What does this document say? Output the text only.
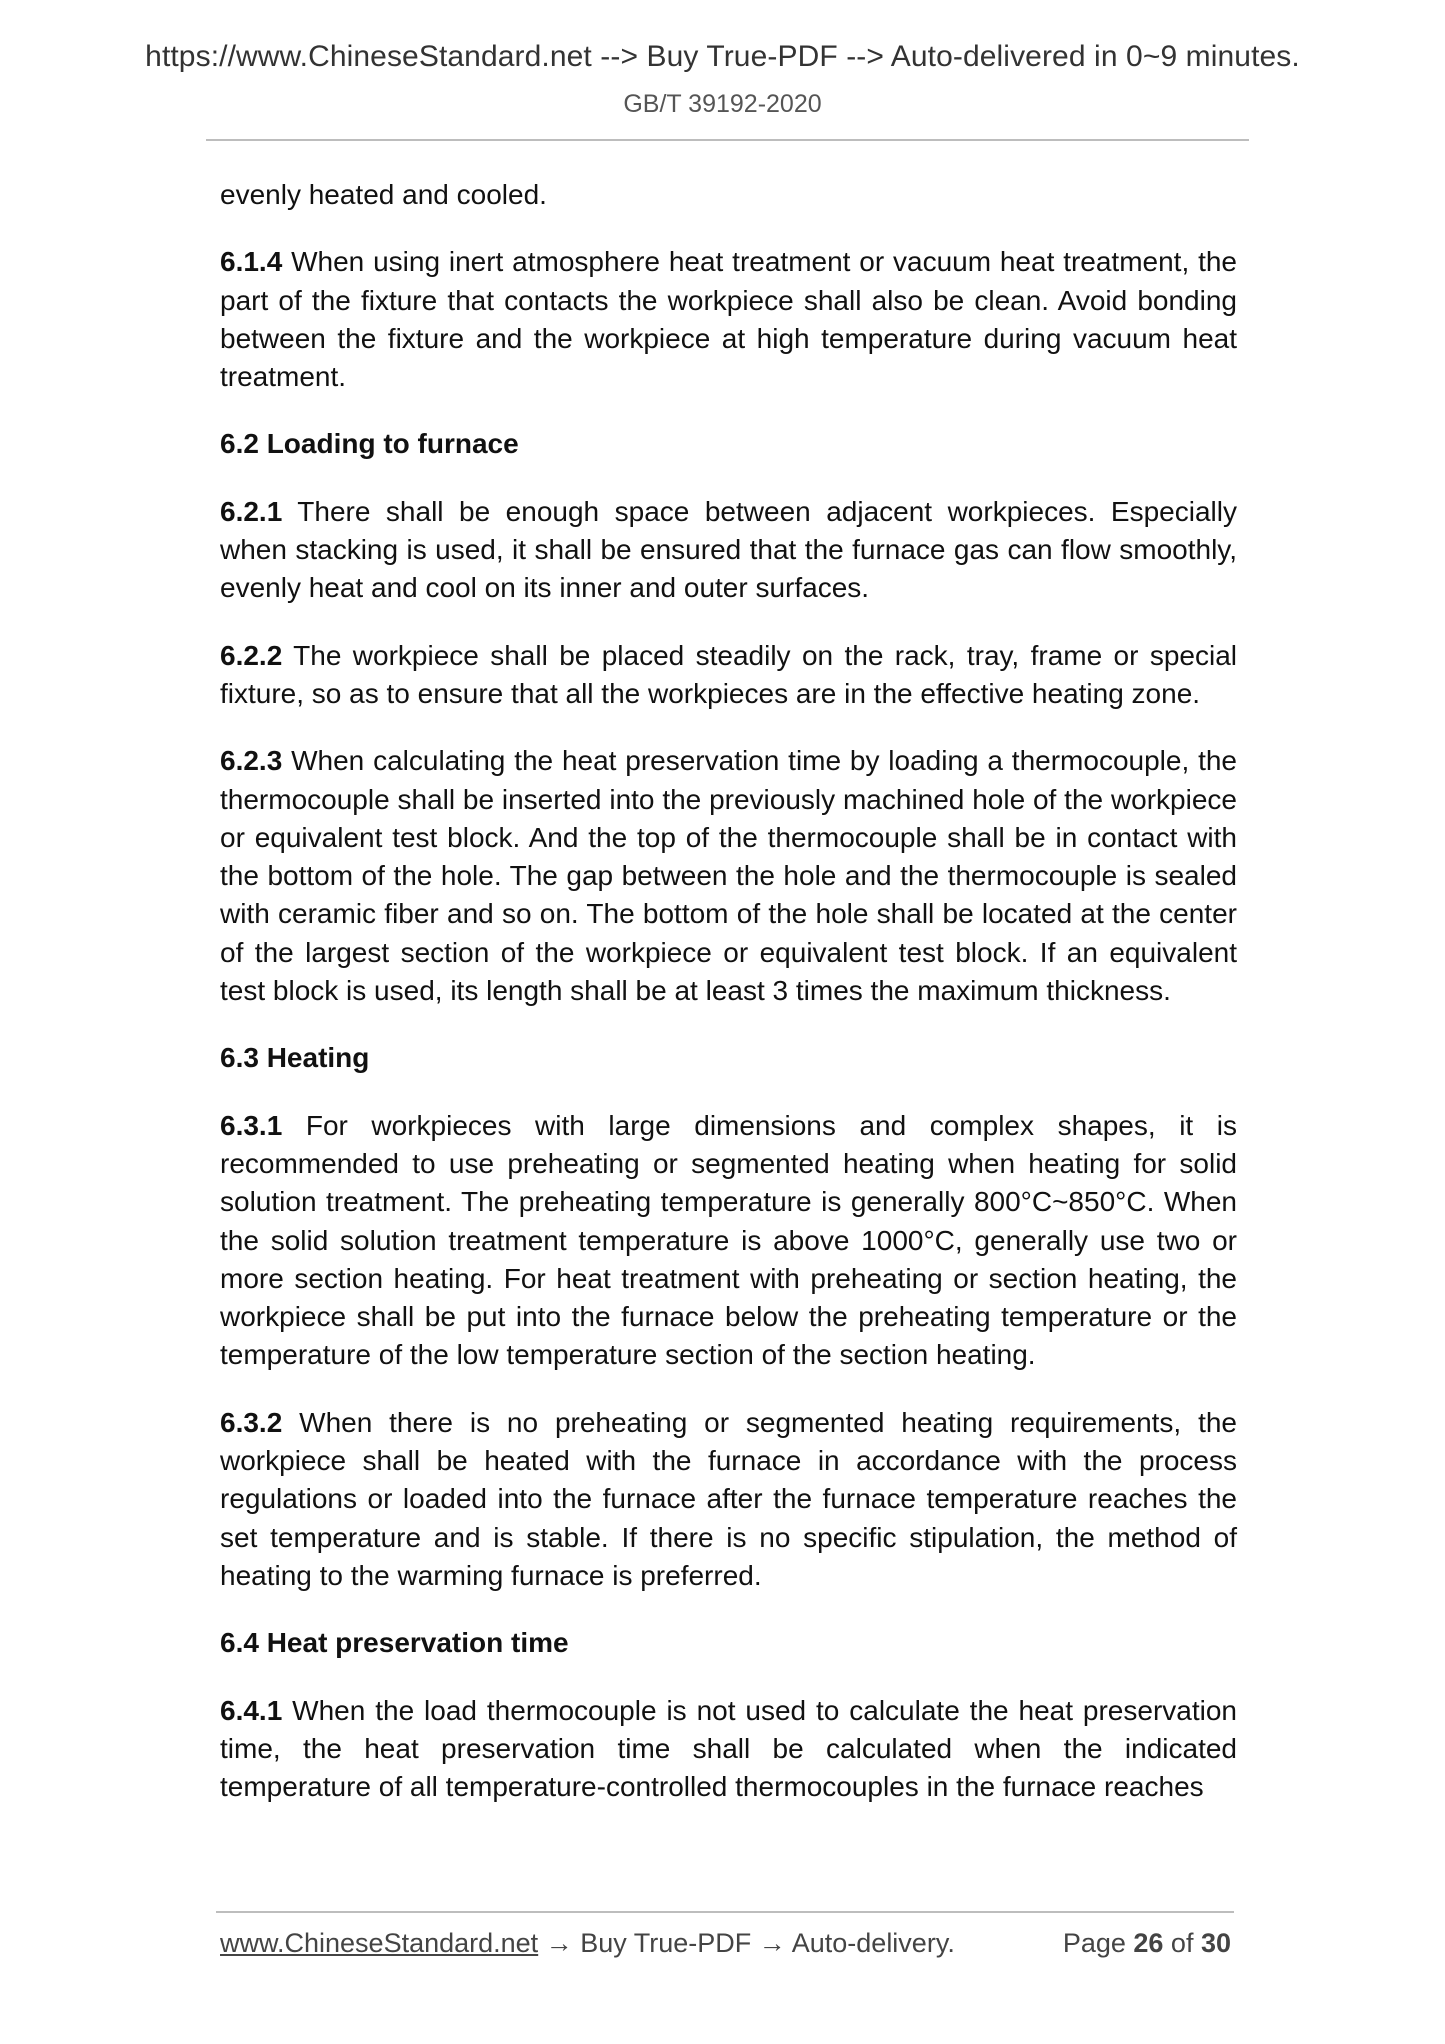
https://www.ChineseStandard.net --> Buy True-PDF --> Auto-delivered in 0~9 minutes.
GB/T 39192-2020

evenly heated and cooled.

6.1.4 When using inert atmosphere heat treatment or vacuum heat treatment, the part of the fixture that contacts the workpiece shall also be clean. Avoid bonding between the fixture and the workpiece at high temperature during vacuum heat treatment.

6.2 Loading to furnace

6.2.1 There shall be enough space between adjacent workpieces. Especially when stacking is used, it shall be ensured that the furnace gas can flow smoothly, evenly heat and cool on its inner and outer surfaces.

6.2.2 The workpiece shall be placed steadily on the rack, tray, frame or special fixture, so as to ensure that all the workpieces are in the effective heating zone.

6.2.3 When calculating the heat preservation time by loading a thermocouple, the thermocouple shall be inserted into the previously machined hole of the workpiece or equivalent test block. And the top of the thermocouple shall be in contact with the bottom of the hole. The gap between the hole and the thermocouple is sealed with ceramic fiber and so on. The bottom of the hole shall be located at the center of the largest section of the workpiece or equivalent test block. If an equivalent test block is used, its length shall be at least 3 times the maximum thickness.

6.3 Heating

6.3.1 For workpieces with large dimensions and complex shapes, it is recommended to use preheating or segmented heating when heating for solid solution treatment. The preheating temperature is generally 800°C~850°C. When the solid solution treatment temperature is above 1000°C, generally use two or more section heating. For heat treatment with preheating or section heating, the workpiece shall be put into the furnace below the preheating temperature or the temperature of the low temperature section of the section heating.

6.3.2 When there is no preheating or segmented heating requirements, the workpiece shall be heated with the furnace in accordance with the process regulations or loaded into the furnace after the furnace temperature reaches the set temperature and is stable. If there is no specific stipulation, the method of heating to the warming furnace is preferred.

6.4 Heat preservation time

6.4.1 When the load thermocouple is not used to calculate the heat preservation time, the heat preservation time shall be calculated when the indicated temperature of all temperature-controlled thermocouples in the furnace reaches

www.ChineseStandard.net → Buy True-PDF → Auto-delivery.	Page 26 of 30
